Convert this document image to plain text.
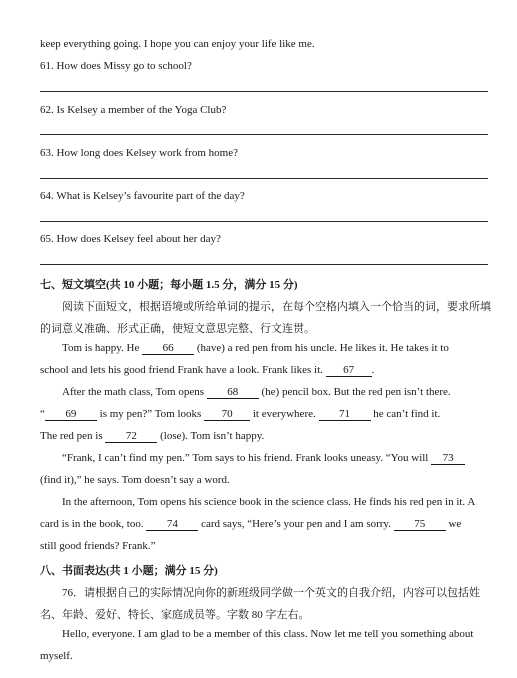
keep everything going. I hope you can enjoy your life like me.
61. How does Missy go to school?
62. Is Kelsey a member of the Yoga Club?
63. How long does Kelsey work from home?
64. What is Kelsey’s favourite part of the day?
65. How does Kelsey feel about her day?
七、短文填空(共 10 小题；每小题 1.5 分，满分 15 分)
阅读下面短文，根据语境或所给单词的提示，在每个空格内填入一个恰当的词，要求所填
的词意义准确、形式正确，使短文意思完整、行文连贯。
Tom is happy. He 66 (have) a red pen from his uncle. He likes it. He takes it to
school and lets his good friend Frank have a look. Frank likes it. 67 .
After the math class, Tom opens 68 (he) pencil box. But the red pen isn’t there.
“ 69 is my pen?” Tom looks 70 it everywhere. 71 he can’t find it.
The red pen is 72 (lose). Tom isn’t happy.
“Frank, I can’t find my pen.” Tom says to his friend. Frank looks uneasy. “You will 73
(find it),” he says. Tom doesn’t say a word.
In the afternoon, Tom opens his science book in the science class. He finds his red pen in it. A
card is in the book, too. 74 card says, “Here’s your pen and I am sorry. 75 we
still good friends? Frank.”
八、书面表达(共 1 小题；满分 15 分)
76．请根据自己的实际情况向你的新班级同学做一个英文的自我介绍，内容可以包括姓
名、年龄、爱好、特长、家庭成员等。字数 80 字左右。
Hello, everyone. I am glad to be a member of this class. Now let me tell you something about
myself.
